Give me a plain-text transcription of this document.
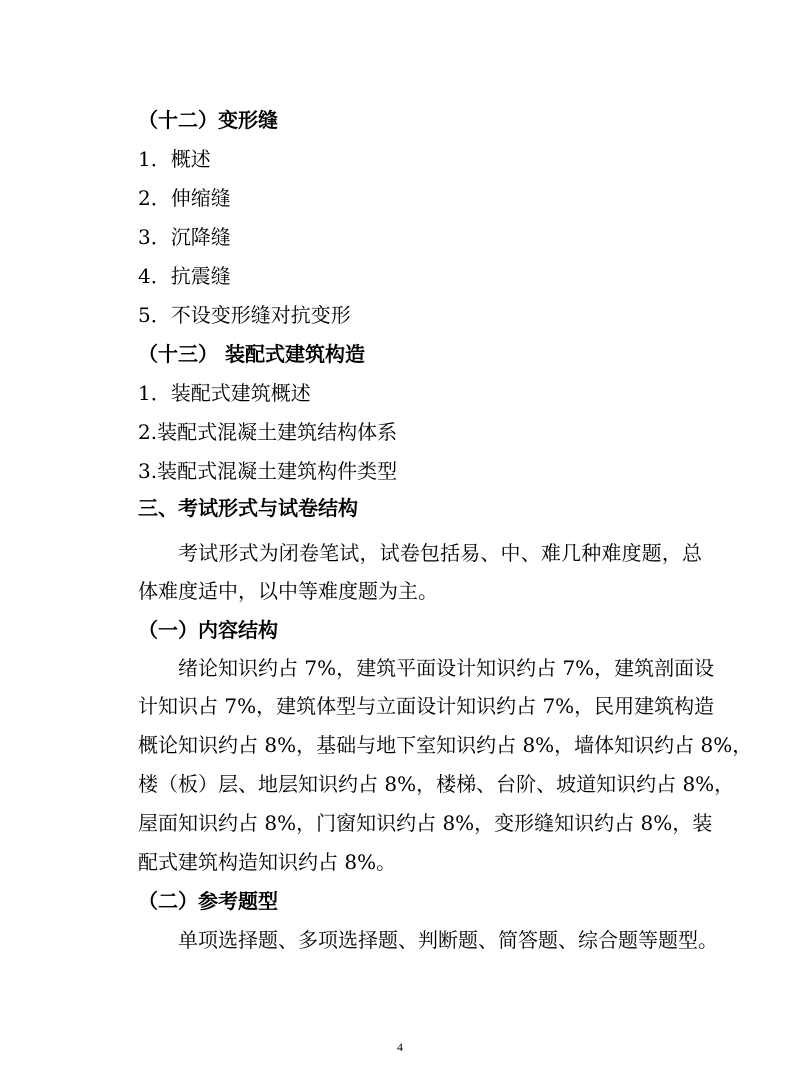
（十二）变形缝
1．概述
2．伸缩缝
3．沉降缝
4．抗震缝
5．不设变形缝对抗变形
（十三） 装配式建筑构造
1．装配式建筑概述
2.装配式混凝土建筑结构体系
3.装配式混凝土建筑构件类型
三、考试形式与试卷结构
考试形式为闭卷笔试，试卷包括易、中、难几种难度题，总
体难度适中，以中等难度题为主。
（一）内容结构
绪论知识约占 7%，建筑平面设计知识约占 7%，建筑剖面设
计知识占 7%，建筑体型与立面设计知识约占 7%，民用建筑构造
概论知识约占 8%，基础与地下室知识约占 8%，墙体知识约占 8%，
楼（板）层、地层知识约占 8%，楼梯、台阶、坡道知识约占 8%，
屋面知识约占 8%，门窗知识约占 8%，变形缝知识约占 8%，装
配式建筑构造知识约占 8%。
（二）参考题型
单项选择题、多项选择题、判断题、简答题、综合题等题型。
4
